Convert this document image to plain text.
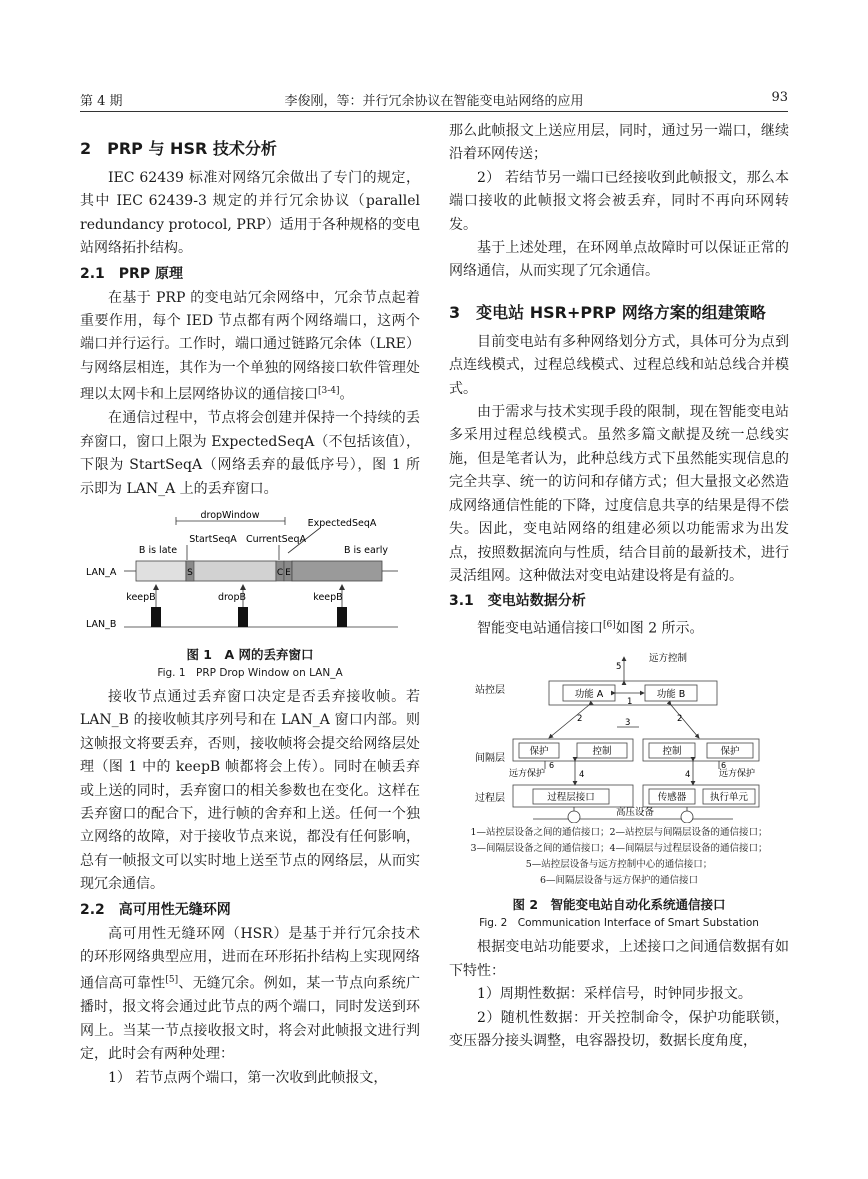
第 4 期	李俊刚，等：并行冗余协议在智能变电站网络的应用	93
2　PRP 与 HSR 技术分析

IEC 62439 标准对网络冗余做出了专门的规定，其中 IEC 62439-3 规定的并行冗余协议（parallel redundancy protocol, PRP）适用于各种规格的变电站网络拓扑结构。

2.1　PRP 原理

在基于 PRP 的变电站冗余网络中，冗余节点起着重要作用，每个 IED 节点都有两个网络端口，这两个端口并行运行。工作时，端口通过链路冗余体（LRE）与网络层相连，其作为一个单独的网络接口软件管理处理以太网卡和上层网络协议的通信接口[3-4]。

在通信过程中，节点将会创建并保持一个持续的丢弃窗口，窗口上限为 ExpectedSeqA（不包括该值），下限为 StartSeqA（网络丢弃的最低序号），图 1 所示即为 LAN_A 上的丢弃窗口。

dropWindow
ExpectedSeqA
StartSeqA CurrentSeqA
B is late	B is early
LAN_A	S	C E
keepB	dropB	keepB
LAN_B
图 1　A 网的丢弃窗口
Fig. 1　PRP Drop Window on LAN_A

接收节点通过丢弃窗口决定是否丢弃接收帧。若 LAN_B 的接收帧其序列号和在 LAN_A 窗口内部。则这帧报文将要丢弃，否则，接收帧将会提交给网络层处理（图 1 中的 keepB 帧都将会上传）。同时在帧丢弃或上送的同时，丢弃窗口的相关参数也在变化。这样在丢弃窗口的配合下，进行帧的舍弃和上送。任何一个独立网络的故障，对于接收节点来说，都没有任何影响，总有一帧报文可以实时地上送至节点的网络层，从而实现冗余通信。

2.2　高可用性无缝环网

高可用性无缝环网（HSR）是基于并行冗余技术的环形网络典型应用，进而在环形拓扑结构上实现网络通信高可靠性[5]、无缝冗余。例如，某一节点向系统广播时，报文将会通过此节点的两个端口，同时发送到环网上。当某一节点接收报文时，将会对此帧报文进行判定，此时会有两种处理：

1） 若节点两个端口，第一次收到此帧报文，

那么此帧报文上送应用层，同时，通过另一端口，继续沿着环网传送；

2） 若结节另一端口已经接收到此帧报文，那么本端口接收的此帧报文将会被丢弃，同时不再向环网转发。

基于上述处理，在环网单点故障时可以保证正常的网络通信，从而实现了冗余通信。

3　变电站 HSR+PRP 网络方案的组建策略

目前变电站有多种网络划分方式，具体可分为点到点连线模式，过程总线模式、过程总线和站总线合并模式。

由于需求与技术实现手段的限制，现在智能变电站多采用过程总线模式。虽然多篇文献提及统一总线实施，但是笔者认为，此种总线方式下虽然能实现信息的完全共享、统一的访问和存储方式；但大量报文必然造成网络通信性能的下降，过度信息共享的结果是得不偿失。因此，变电站网络的组建必须以功能需求为出发点，按照数据流向与性质，结合目前的最新技术，进行灵活组网。这种做法对变电站建设将是有益的。

3.1　变电站数据分析

智能变电站通信接口[6]如图 2 所示。

站控层
间隔层
过程层
5
远方控制
功能 A	功能 B
1
2	2
3
保护	控制	控制	保护
6
远方保护	4	4
6
远方保护
过程层接口	传感器 执行单元
高压设备
1—站控层设备之间的通信接口；2—站控层与间隔层设备的通信接口；
3—间隔层设备之间的通信接口；4—间隔层与过程层设备的通信接口；
5—站控层设备与远方控制中心的通信接口；
6—间隔层设备与远方保护的通信接口
图 2　智能变电站自动化系统通信接口
Fig. 2　Communication Interface of Smart Substation

根据变电站功能要求，上述接口之间通信数据有如下特性：

1）周期性数据：采样信号，时钟同步报文。

2）随机性数据：开关控制命令，保护功能联锁，变压器分接头调整，电容器投切，数据长度角度，
